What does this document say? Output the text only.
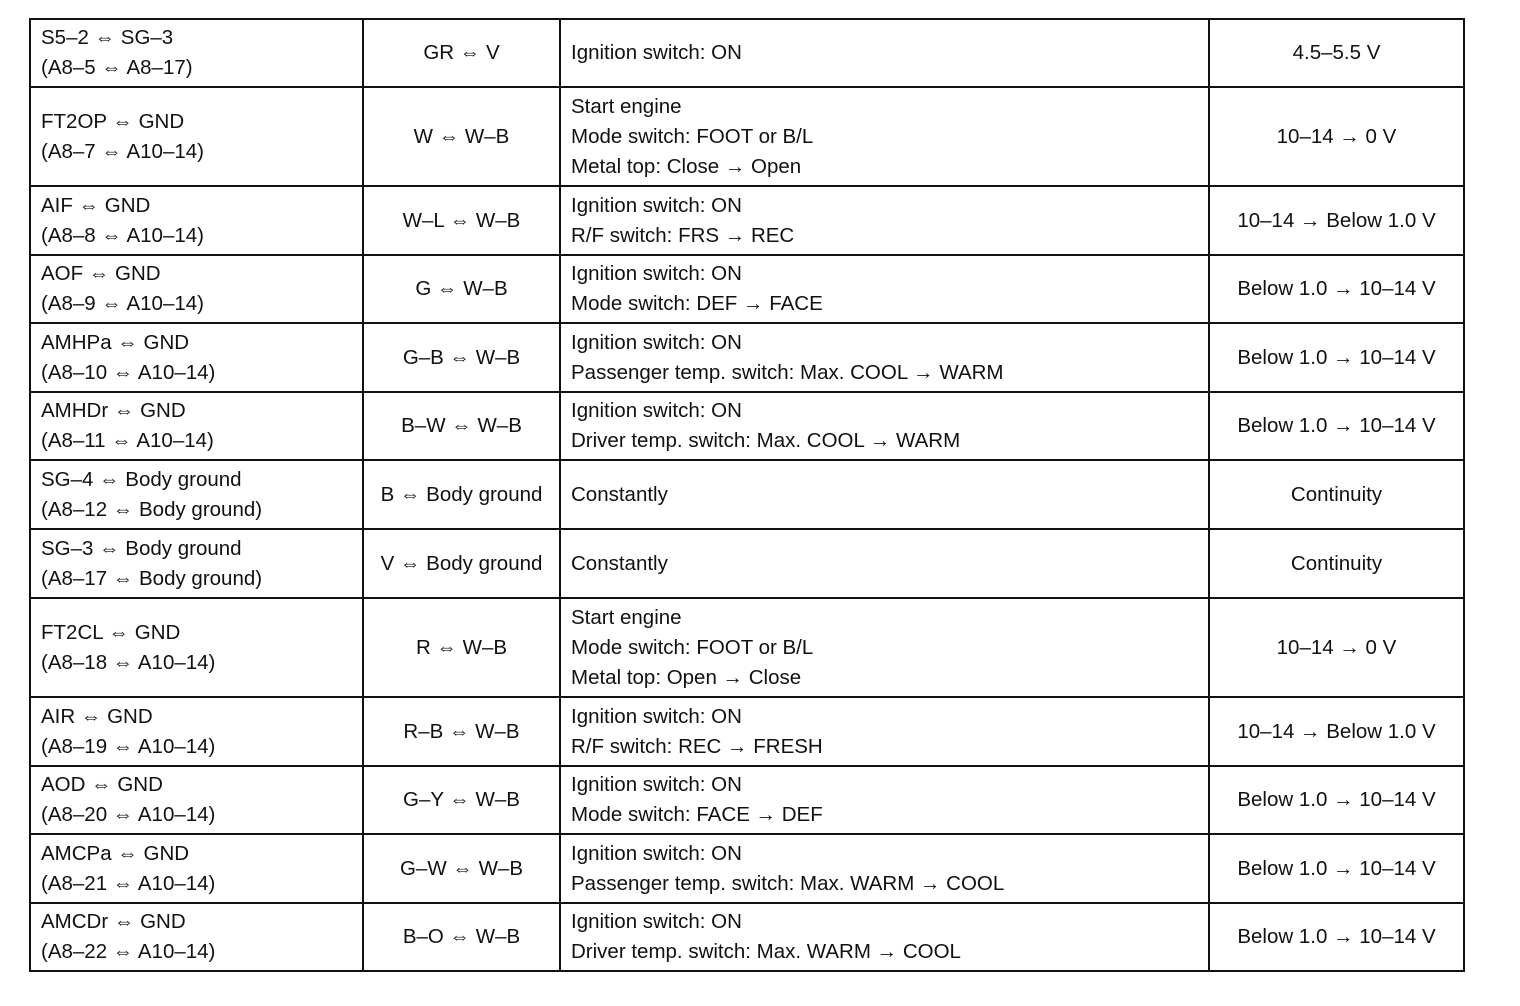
S5–2 ⇔ SG–3
(A8–5 ⇔ A8–17)	GR ⇔ V	Ignition switch: ON	4.5–5.5 V

FT2OP ⇔ GND
(A8–7 ⇔ A10–14)	W ⇔ W–B	Start engine
Mode switch: FOOT or B/L
Metal top: Close → Open	10–14 → 0 V

AIF ⇔ GND
(A8–8 ⇔ A10–14)	W–L ⇔ W–B	Ignition switch: ON
R/F switch: FRS → REC	10–14 → Below 1.0 V

AOF ⇔ GND
(A8–9 ⇔ A10–14)	G ⇔ W–B	Ignition switch: ON
Mode switch: DEF → FACE	Below 1.0 → 10–14 V

AMHPa ⇔ GND
(A8–10 ⇔ A10–14)	G–B ⇔ W–B	Ignition switch: ON
Passenger temp. switch: Max. COOL → WARM	Below 1.0 → 10–14 V

AMHDr ⇔ GND
(A8–11 ⇔ A10–14)	B–W ⇔ W–B	Ignition switch: ON
Driver temp. switch: Max. COOL → WARM	Below 1.0 → 10–14 V

SG–4 ⇔ Body ground
(A8–12 ⇔ Body ground)	B ⇔ Body ground	Constantly	Continuity

SG–3 ⇔ Body ground
(A8–17 ⇔ Body ground)	V ⇔ Body ground	Constantly	Continuity

FT2CL ⇔ GND
(A8–18 ⇔ A10–14)	R ⇔ W–B	Start engine
Mode switch: FOOT or B/L
Metal top: Open → Close	10–14 → 0 V

AIR ⇔ GND
(A8–19 ⇔ A10–14)	R–B ⇔ W–B	Ignition switch: ON
R/F switch: REC → FRESH	10–14 → Below 1.0 V

AOD ⇔ GND
(A8–20 ⇔ A10–14)	G–Y ⇔ W–B	Ignition switch: ON
Mode switch: FACE → DEF	Below 1.0 → 10–14 V

AMCPa ⇔ GND
(A8–21 ⇔ A10–14)	G–W ⇔ W–B	Ignition switch: ON
Passenger temp. switch: Max. WARM → COOL	Below 1.0 → 10–14 V

AMCDr ⇔ GND
(A8–22 ⇔ A10–14)	B–O ⇔ W–B	Ignition switch: ON
Driver temp. switch: Max. WARM → COOL	Below 1.0 → 10–14 V
